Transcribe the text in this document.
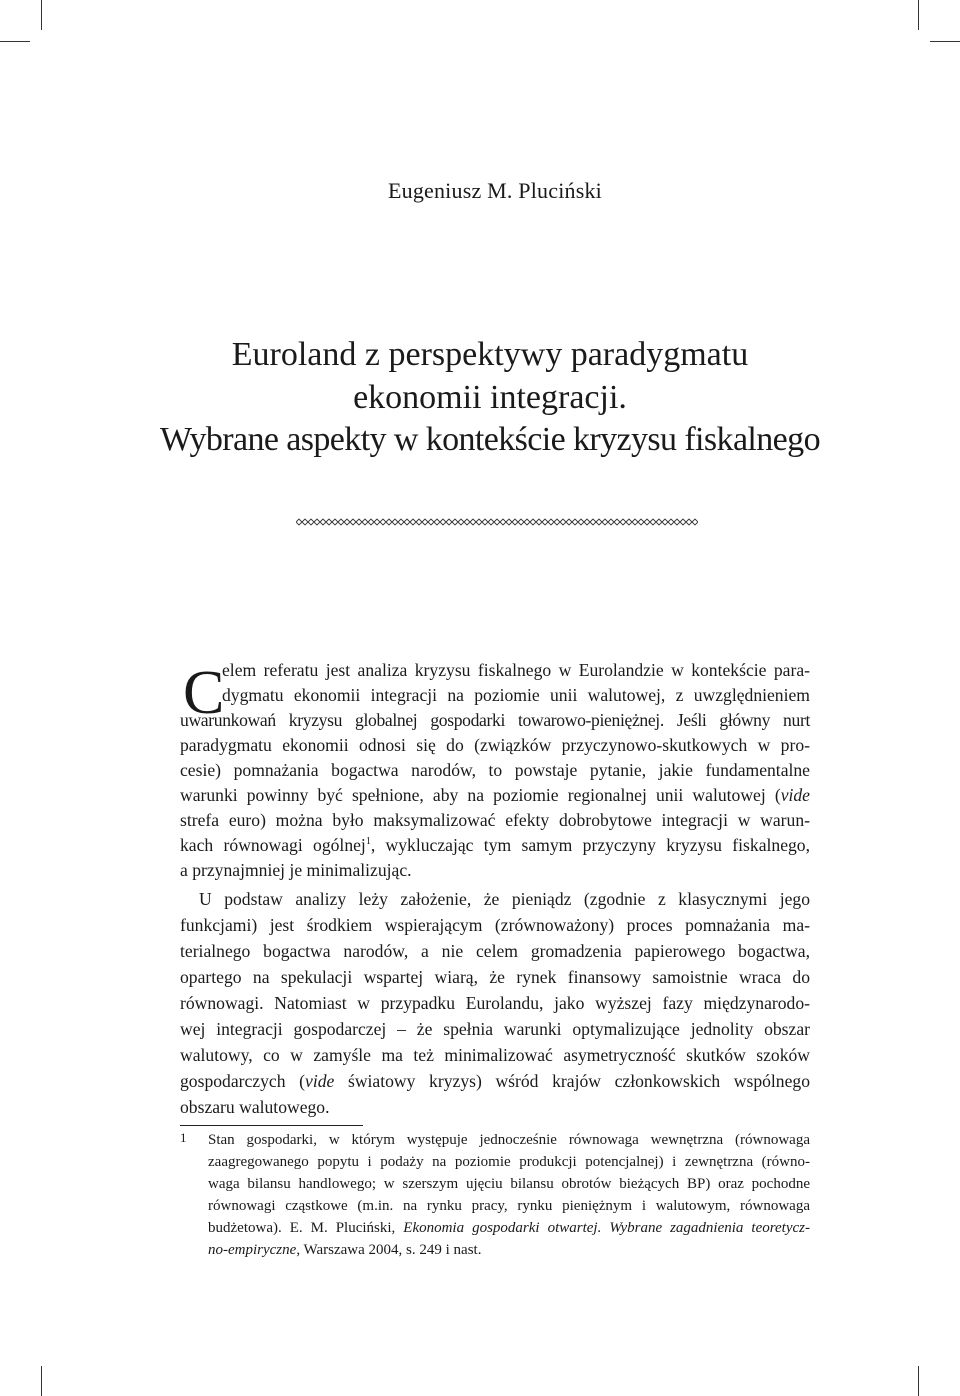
Eugeniusz M. Pluciński
Euroland z perspektywy paradygmatu
ekonomii integracji.
Wybrane aspekty w kontekście kryzysu fiskalnego
C
elem referatu jest analiza kryzysu fiskalnego w Eurolandzie w kontekście para-
dygmatu ekonomii integracji na poziomie unii walutowej, z uwzględnieniem
uwarunkowań kryzysu globalnej gospodarki towarowo-pieniężnej. Jeśli główny nurt
paradygmatu ekonomii odnosi się do (związków przyczynowo-skutkowych w pro-
cesie) pomnażania bogactwa narodów, to powstaje pytanie, jakie fundamentalne
warunki powinny być spełnione, aby na poziomie regionalnej unii walutowej (vide
strefa euro) można było maksymalizować efekty dobrobytowe integracji w warun-
kach równowagi ogólnej$^1$, wykluczając tym samym przyczyny kryzysu fiskalnego,
a przynajmniej je minimalizując.
U podstaw analizy leży założenie, że pieniądz (zgodnie z klasycznymi jego
funkcjami) jest środkiem wspierającym (zrównoważony) proces pomnażania ma-
terialnego bogactwa narodów, a nie celem gromadzenia papierowego bogactwa,
opartego na spekulacji wspartej wiarą, że rynek finansowy samoistnie wraca do
równowagi. Natomiast w przypadku Eurolandu, jako wyższej fazy międzynarodo-
wej integracji gospodarczej – że spełnia warunki optymalizujące jednolity obszar
walutowy, co w zamyśle ma też minimalizować asymetryczność skutków szoków
gospodarczych (vide światowy kryzys) wśród krajów członkowskich wspólnego
obszaru walutowego.
1 Stan gospodarki, w którym występuje jednocześnie równowaga wewnętrzna (równowaga
zaagregowanego popytu i podaży na poziomie produkcji potencjalnej) i zewnętrzna (równo-
waga bilansu handlowego; w szerszym ujęciu bilansu obrotów bieżących BP) oraz pochodne
równowagi cząstkowe (m.in. na rynku pracy, rynku pieniężnym i walutowym, równowaga
budżetowa). E. M. Pluciński, Ekonomia gospodarki otwartej. Wybrane zagadnienia teoretycz-
no-empiryczne, Warszawa 2004, s. 249 i nast.
